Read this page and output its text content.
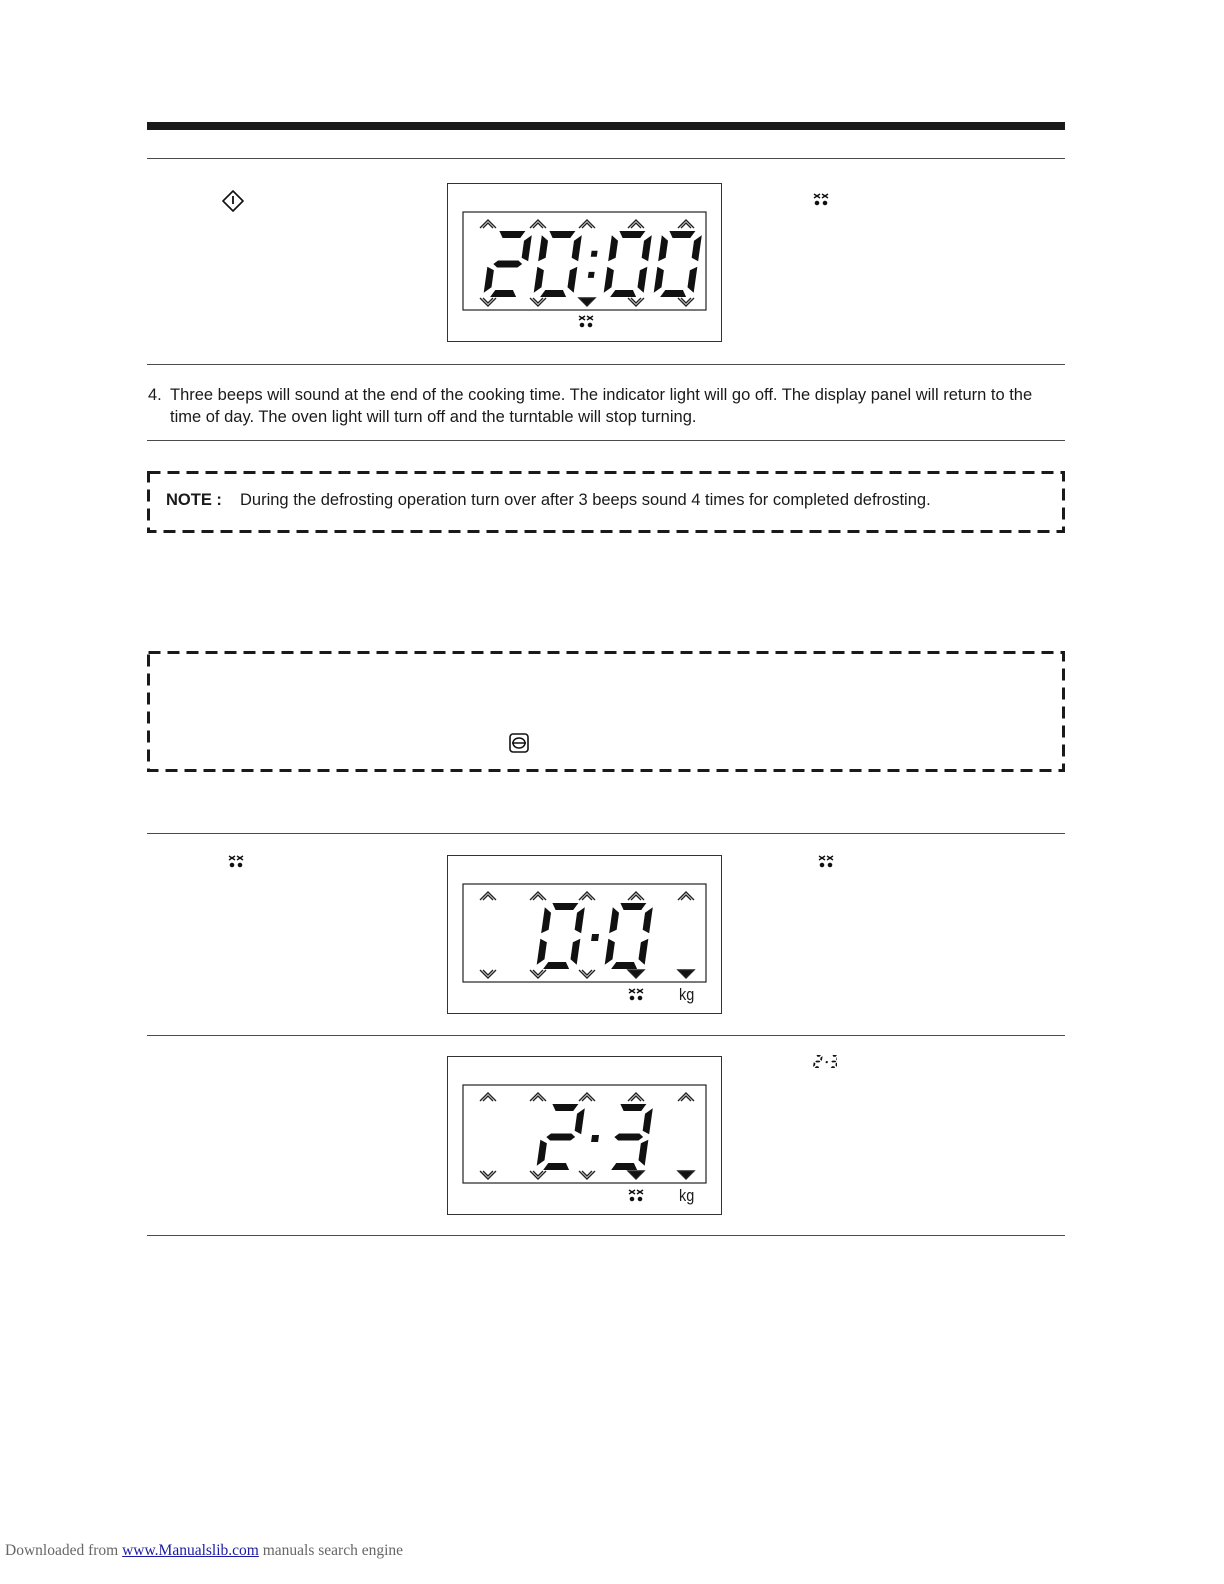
4. Three beeps will sound at the end of the cooking time. The indicator light will go off. The display panel will return to the time of day. The oven light will turn off and the turntable will stop turning.
NOTE : During the defrosting operation turn over after 3 beeps sound 4 times for completed defrosting.
kg
kg
Downloaded from www.Manualslib.com manuals search engine
